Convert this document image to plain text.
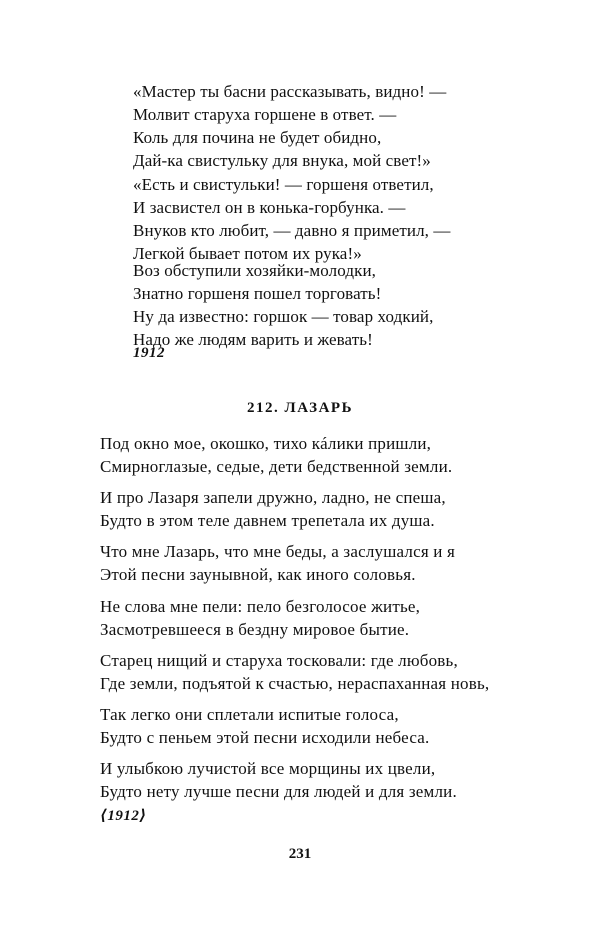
«Мастер ты басни рассказывать, видно! —
Молвит старуха горшене в ответ. —
Коль для почина не будет обидно,
Дай-ка свистульку для внука, мой свет!»
«Есть и свистульки! — горшеня ответил,
И засвистел он в конька-горбунка. —
Внуков кто любит, — давно я приметил, —
Легкой бывает потом их рука!»
Воз обступили хозяйки-молодки,
Знатно горшеня пошел торговать!
Ну да известно: горшок — товар ходкий,
Надо же людям варить и жевать!
1912
212. ЛАЗАРЬ
Под окно мое, окошко, тихо кáлики пришли,
Смирноглазые, седые, дети бедственной земли.
И про Лазаря запели дружно, ладно, не спеша,
Будто в этом теле давнем трепетала их душа.
Что мне Лазарь, что мне беды, а заслушался и я
Этой песни заунывной, как иного соловья.
Не слова мне пели: пело безголосое житье,
Засмотревшееся в бездну мировое бытие.
Старец нищий и старуха тосковали: где любовь,
Где земли, подъятой к счастью, нераспаханная новь,
Так легко они сплетали испитые голоса,
Будто с пеньем этой песни исходили небеса.
И улыбкою лучистой все морщины их цвели,
Будто нету лучше песни для людей и для земли.
⟨1912⟩
231
